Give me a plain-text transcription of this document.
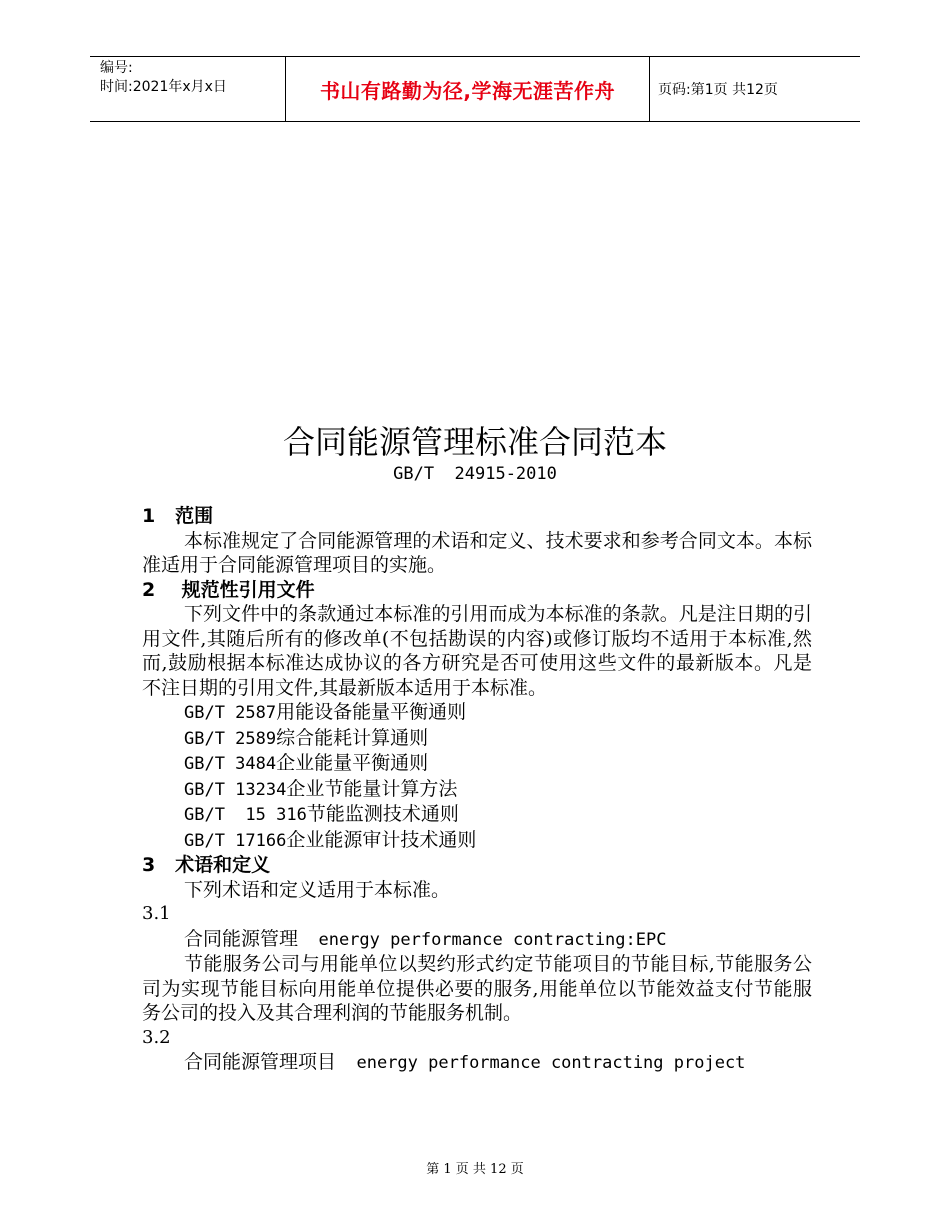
编号:
时间:2021年x月x日	书山有路勤为径,学海无涯苦作舟	页码:第1页 共12页
合同能源管理标准合同范本
GB/T  24915-2010
1   范围

本标准规定了合同能源管理的术语和定义、技术要求和参考合同文本。本标准适用于合同能源管理项目的实施。

2    规范性引用文件

下列文件中的条款通过本标准的引用而成为本标准的条款。凡是注日期的引用文件,其随后所有的修改单(不包括勘误的内容)或修订版均不适用于本标准,然而,鼓励根据本标准达成协议的各方研究是否可使用这些文件的最新版本。凡是不注日期的引用文件,其最新版本适用于本标准。

GB/T 2587用能设备能量平衡通则

GB/T 2589综合能耗计算通则

GB/T 3484企业能量平衡通则

GB/T 13234企业节能量计算方法

GB/T  15 316节能监测技术通则

GB/T 17166企业能源审计技术通则

3   术语和定义

下列术语和定义适用于本标准。

3.1

合同能源管理  energy performance contracting:EPC

节能服务公司与用能单位以契约形式约定节能项目的节能目标,节能服务公司为实现节能目标向用能单位提供必要的服务,用能单位以节能效益支付节能服务公司的投入及其合理利润的节能服务机制。

3.2

合同能源管理项目  energy performance contracting project

第 1 页 共 12 页
